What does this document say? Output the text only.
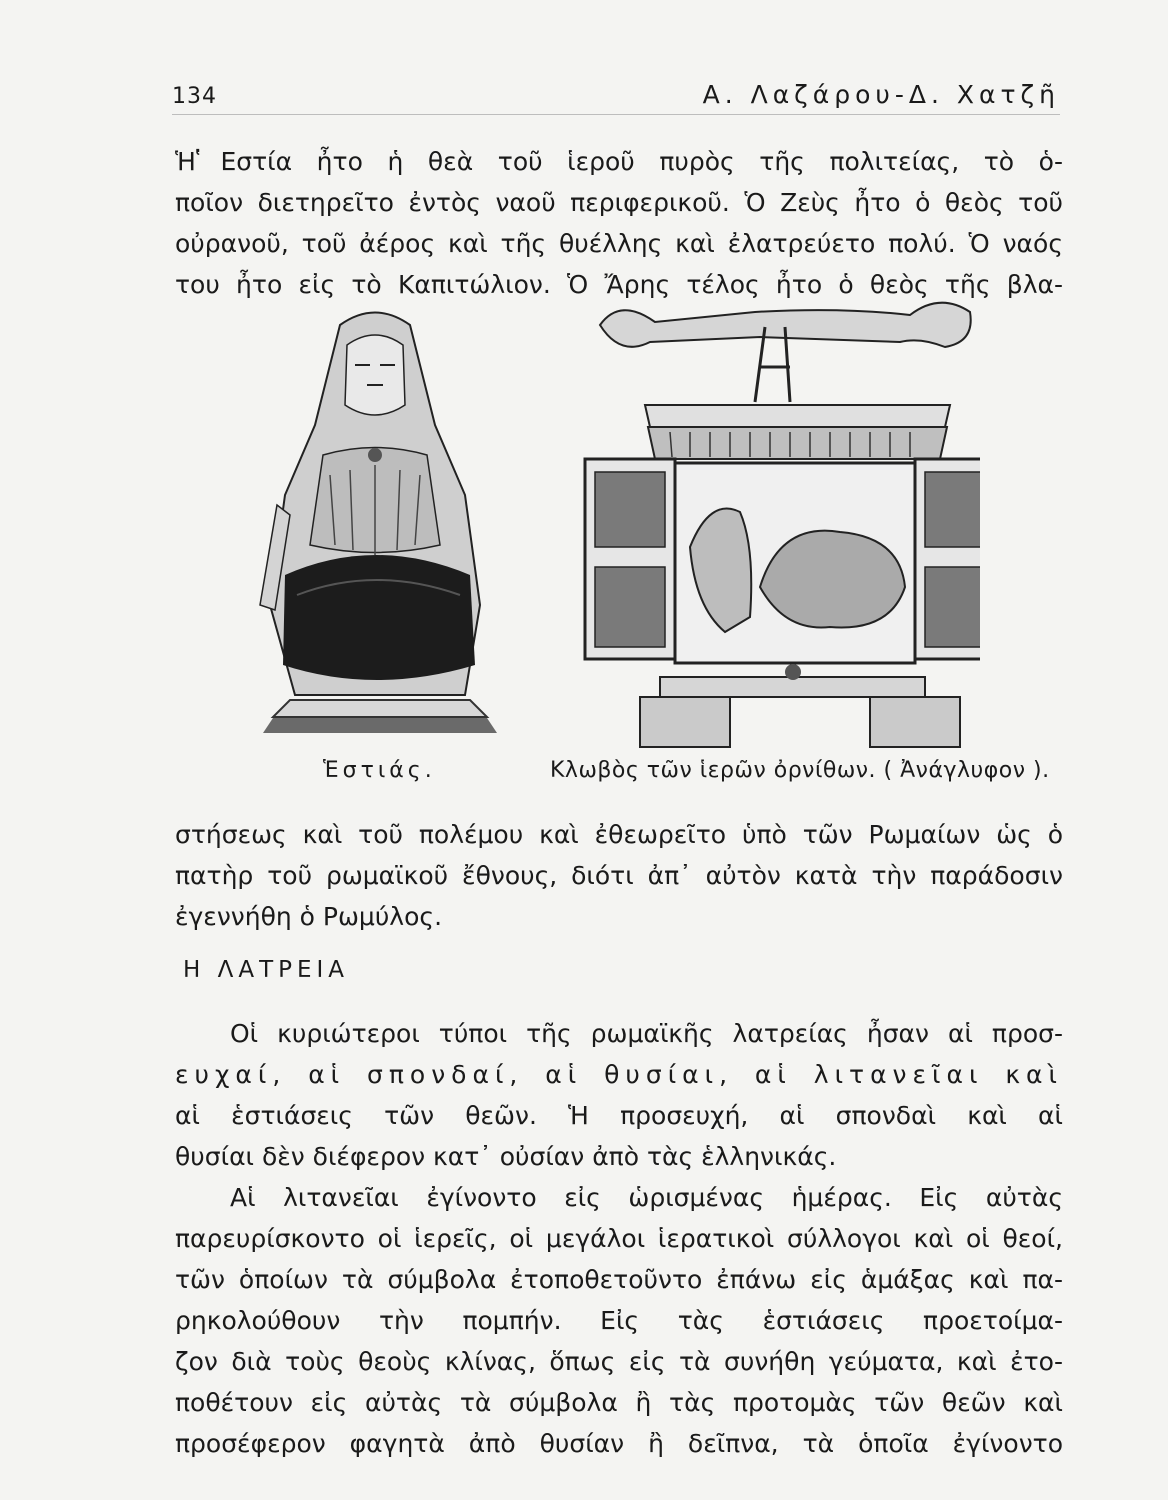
134	Α. Λαζάρου-Δ. Χατζῆ

Ἡ ̔Εστία ἦτο ἡ θεὰ τοῦ ἱεροῦ πυρὸς τῆς πολιτείας, τὸ ὁ-
ποῖον διετηρεῖτο ἐντὸς ναοῦ περιφερικοῦ. Ὁ Ζεὺς ἦτο ὁ θεὸς τοῦ
οὐρανοῦ, τοῦ ἀέρος καὶ τῆς θυέλλης καὶ ἐλατρεύετο πολύ. Ὁ ναός
του ἦτο εἰς τὸ Καπιτώλιον. Ὁ Ἄρης τέλος ἦτο ὁ θεὸς τῆς βλα-

Ἑστιάς.	Κλωβὸς τῶν ἱερῶν ὀρνίθων. ( Ἀνάγλυφον ).

στήσεως καὶ τοῦ πολέμου καὶ ἐθεωρεῖτο ὑπὸ τῶν Ρωμαίων ὡς ὁ
πατὴρ τοῦ ρωμαϊκοῦ ἔθνους, διότι ἀπ᾽ αὐτὸν κατὰ τὴν παράδοσιν
ἐγεννήθη ὁ Ρωμύλος.

Η ΛΑΤΡΕΙΑ

Οἱ κυριώτεροι τύποι τῆς ρωμαϊκῆς λατρείας ἦσαν αἱ προσ-
ευχαί, αἱ σπονδαί, αἱ θυσίαι, αἱ λιτανεῖαι καὶ
αἱ ἑστιάσεις τῶν θεῶν. Ἡ προσευχή, αἱ σπονδαὶ καὶ αἱ
θυσίαι δὲν διέφερον κατ᾽ οὐσίαν ἀπὸ τὰς ἑλληνικάς.

Αἱ λιτανεῖαι ἐγίνοντο εἰς ὡρισμένας ἡμέρας. Εἰς αὐτὰς
παρευρίσκοντο οἱ ἱερεῖς, οἱ μεγάλοι ἱερατικοὶ σύλλογοι καὶ οἱ θεοί,
τῶν ὁποίων τὰ σύμβολα ἐτοποθετοῦντο ἐπάνω εἰς ἁμάξας καὶ πα-
ρηκολούθουν τὴν πομπήν. Εἰς τὰς ἑστιάσεις προετοίμα-
ζον διὰ τοὺς θεοὺς κλίνας, ὅπως εἰς τὰ συνήθη γεύματα, καὶ ἐτο-
ποθέτουν εἰς αὐτὰς τὰ σύμβολα ἢ τὰς προτομὰς τῶν θεῶν καὶ
προσέφερον φαγητὰ ἀπὸ θυσίαν ἢ δεῖπνα, τὰ ὁποῖα ἐγίνοντο
